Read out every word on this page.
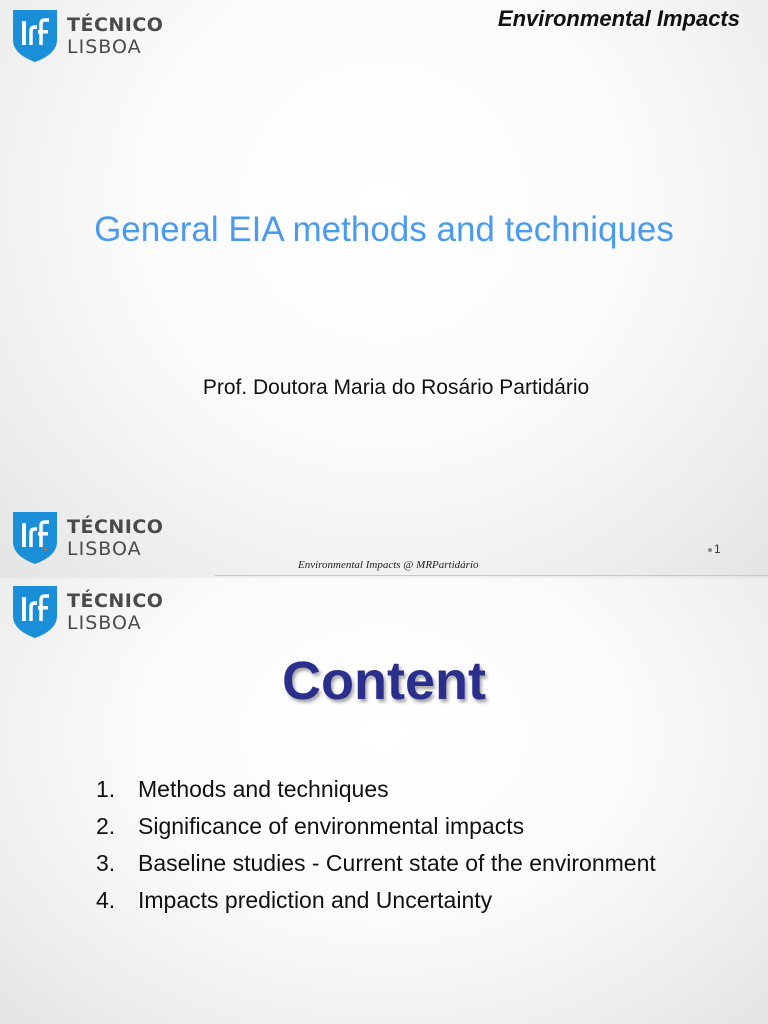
TÉCNICO
LISBOA
Environmental Impacts
General EIA methods and techniques
Prof. Doutora Maria do Rosário Partidário
TÉCNICO
LISBOA
Environmental Impacts @ MRPartidário
1
TÉCNICO
LISBOA
Content
1. Methods and techniques
2. Significance of environmental impacts
3. Baseline studies - Current state of the environment
4. Impacts prediction and Uncertainty
